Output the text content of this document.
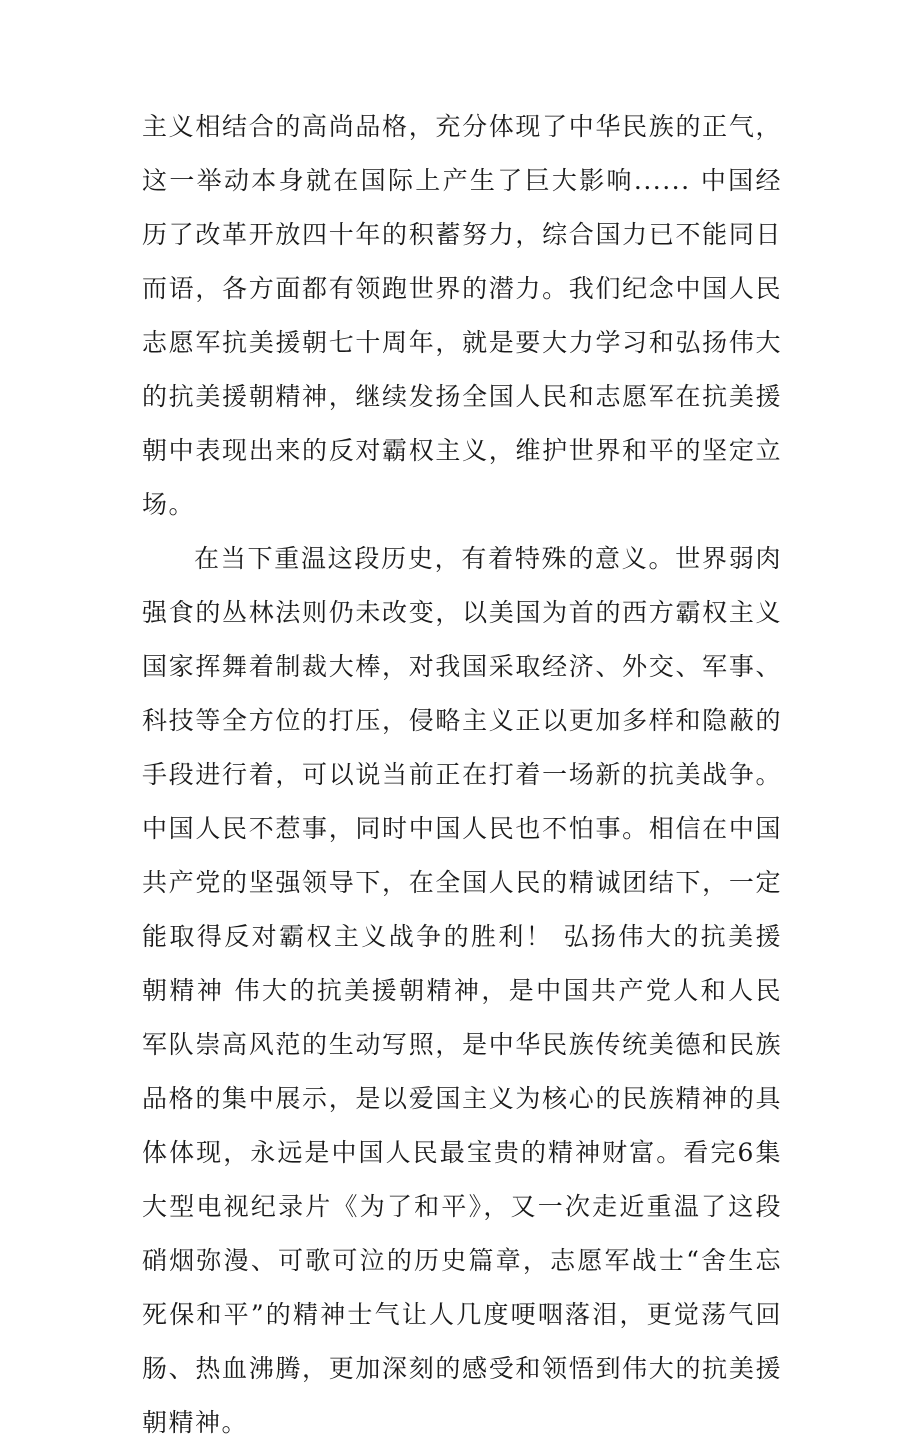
主义相结合的高尚品格，充分体现了中华民族的正气，这一举动本身就在国际上产生了巨大影响...... 中国经历了改革开放四十年的积蓄努力，综合国力已不能同日而语，各方面都有领跑世界的潜力。我们纪念中国人民志愿军抗美援朝七十周年，就是要大力学习和弘扬伟大的抗美援朝精神，继续发扬全国人民和志愿军在抗美援朝中表现出来的反对霸权主义，维护世界和平的坚定立场。

在当下重温这段历史，有着特殊的意义。世界弱肉强食的丛林法则仍未改变，以美国为首的西方霸权主义国家挥舞着制裁大棒，对我国采取经济、外交、军事、科技等全方位的打压，侵略主义正以更加多样和隐蔽的手段进行着，可以说当前正在打着一场新的抗美战争。中国人民不惹事，同时中国人民也不怕事。相信在中国共产党的坚强领导下，在全国人民的精诚团结下，一定能取得反对霸权主义战争的胜利！ 弘扬伟大的抗美援朝精神 伟大的抗美援朝精神，是中国共产党人和人民军队崇高风范的生动写照，是中华民族传统美德和民族品格的集中展示，是以爱国主义为核心的民族精神的具体体现，永远是中国人民最宝贵的精神财富。看完6集大型电视纪录片《为了和平》，又一次走近重温了这段硝烟弥漫、可歌可泣的历史篇章，志愿军战士“舍生忘死保和平”的精神士气让人几度哽咽落泪，更觉荡气回肠、热血沸腾，更加深刻的感受和领悟到伟大的抗美援朝精神。
